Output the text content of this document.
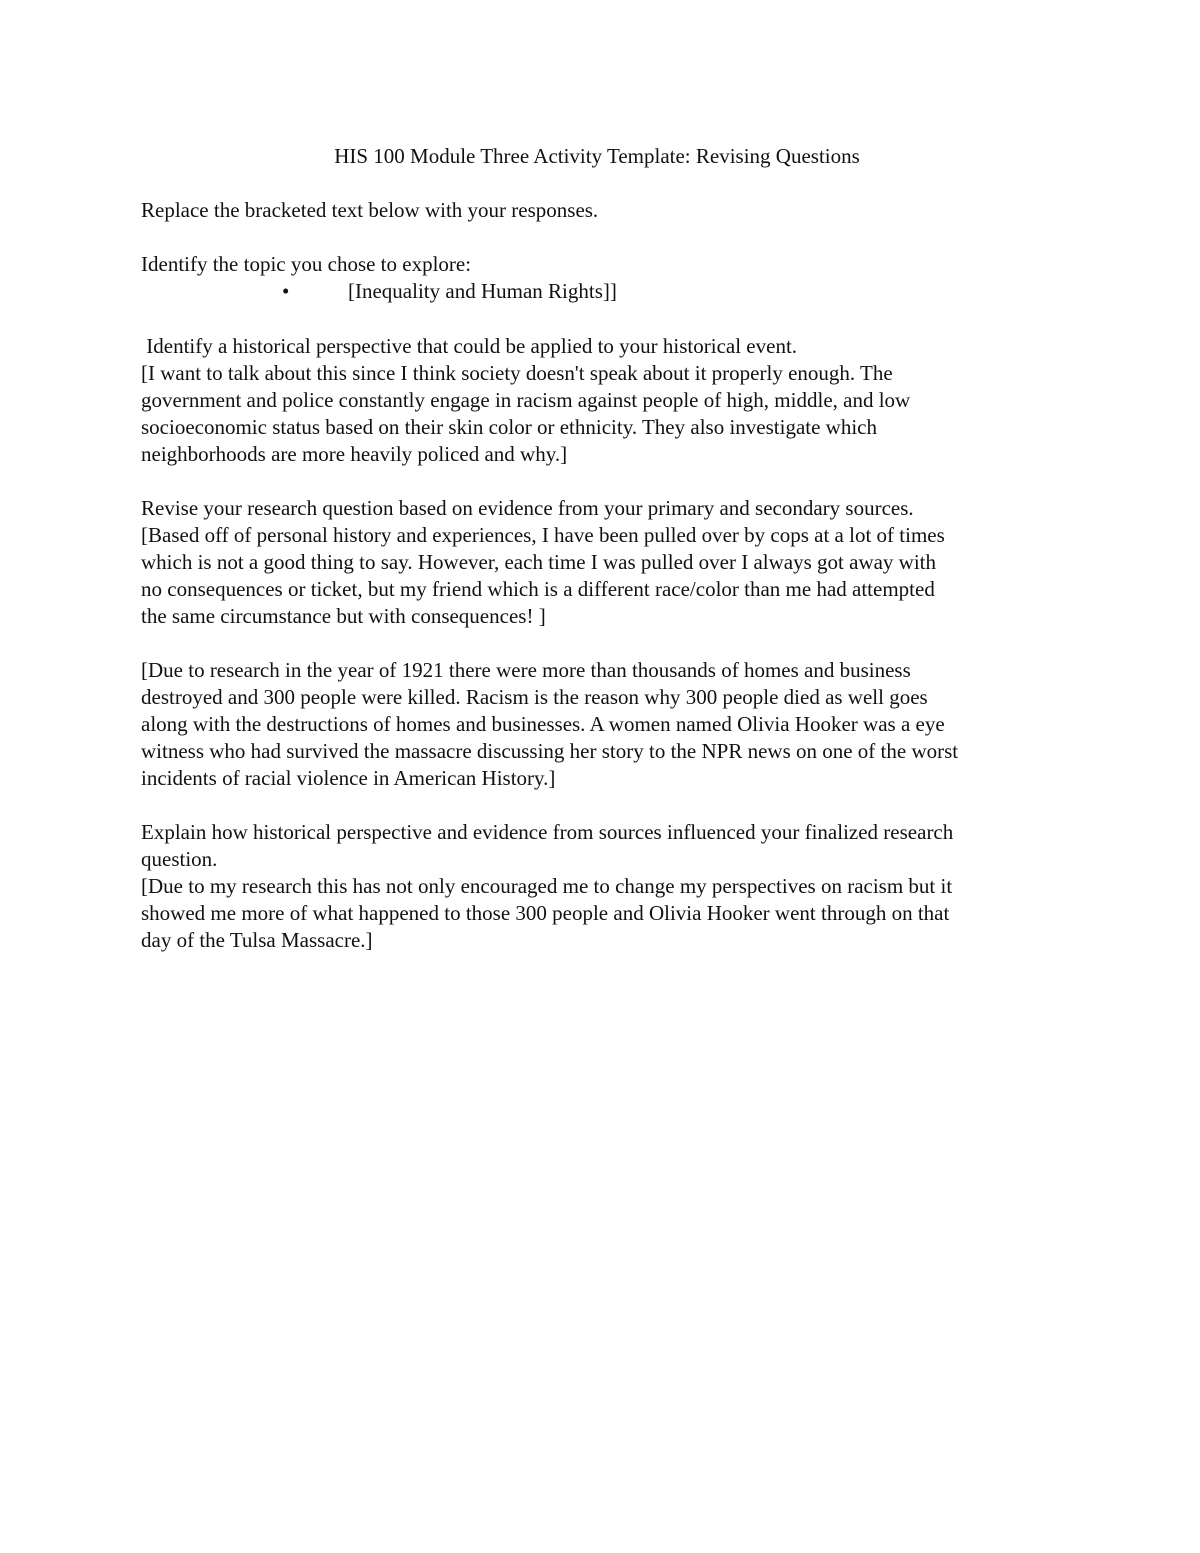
HIS 100 Module Three Activity Template: Revising Questions
Replace the bracketed text below with your responses.
Identify the topic you chose to explore:
•	[Inequality and Human Rights]]
Identify a historical perspective that could be applied to your historical event.
[I want to talk about this since I think society doesn't speak about it properly enough. The
government and police constantly engage in racism against people of high, middle, and low
socioeconomic status based on their skin color or ethnicity. They also investigate which
neighborhoods are more heavily policed and why.]
Revise your research question based on evidence from your primary and secondary sources.
[Based off of personal history and experiences, I have been pulled over by cops at a lot of times
which is not a good thing to say. However, each time I was pulled over I always got away with
no consequences or ticket, but my friend which is a different race/color than me had attempted
the same circumstance but with consequences! ]
[Due to research in the year of 1921 there were more than thousands of homes and business
destroyed and 300 people were killed. Racism is the reason why 300 people died as well goes
along with the destructions of homes and businesses. A women named Olivia Hooker was a eye
witness who had survived the massacre discussing her story to the NPR news on one of the worst
incidents of racial violence in American History.]
Explain how historical perspective and evidence from sources influenced your finalized research
question.
[Due to my research this has not only encouraged me to change my perspectives on racism but it
showed me more of what happened to those 300 people and Olivia Hooker went through on that
day of the Tulsa Massacre.]
